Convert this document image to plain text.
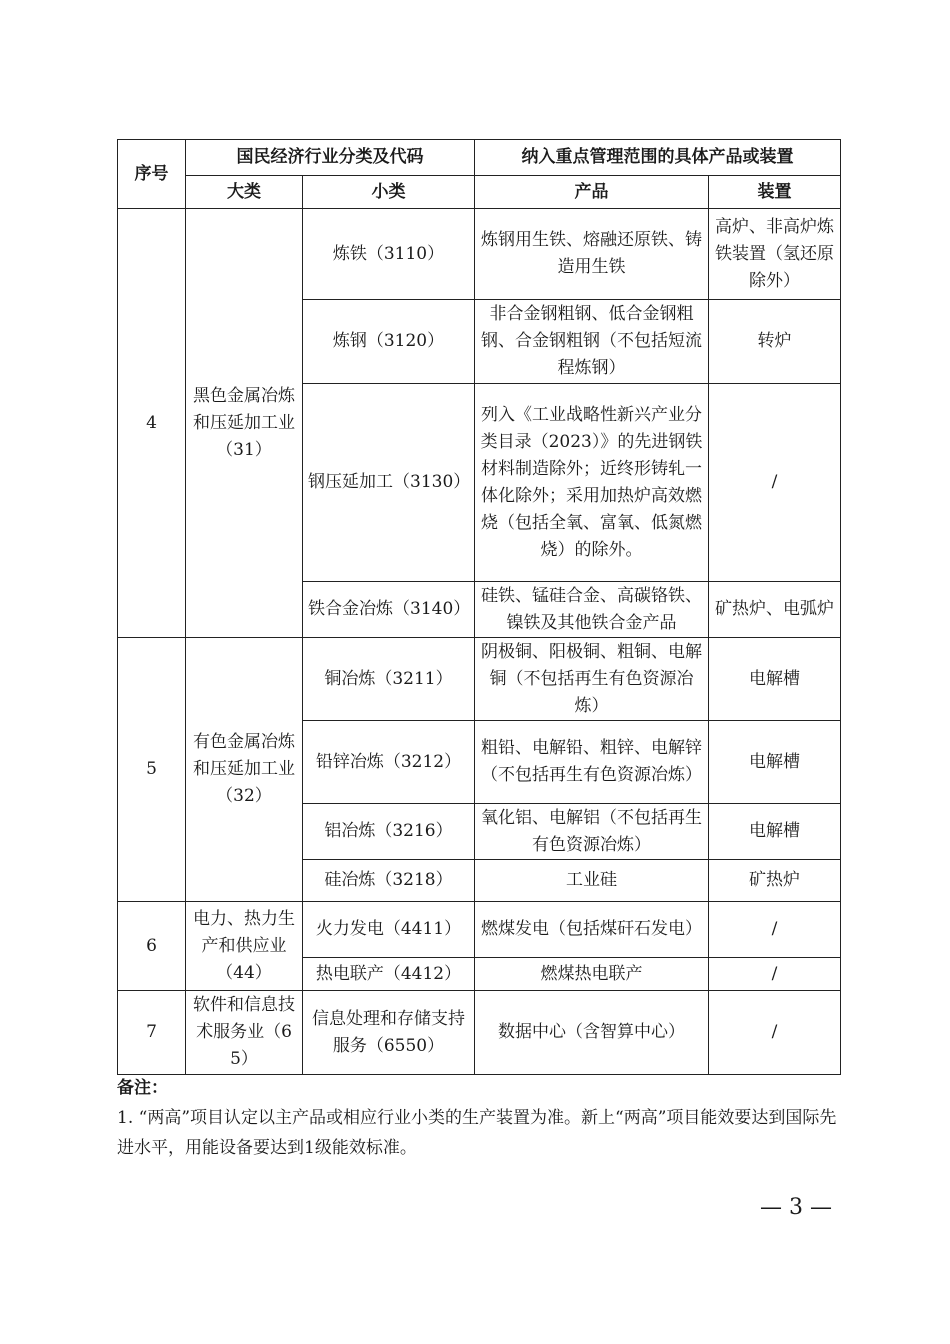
序号	国民经济行业分类及代码		纳入重点管理范围的具体产品或装置	
	大类	小类	产品	装置
4	黑色金属冶炼和压延加工业（31）	炼铁（3110）	炼钢用生铁、熔融还原铁、铸造用生铁	高炉、非高炉炼铁装置（氢还原除外）

		炼钢（3120）	非合金钢粗钢、低合金钢粗钢、合金钢粗钢（不包括短流程炼钢）	转炉

		钢压延加工（3130）	列入《工业战略性新兴产业分类目录（2023）》的先进钢铁材料制造除外；近终形铸轧一体化除外；采用加热炉高效燃烧（包括全氧、富氧、低氮燃烧）的除外。	/

		铁合金冶炼（3140）	硅铁、锰硅合金、高碳铬铁、镍铁及其他铁合金产品	矿热炉、电弧炉

5	有色金属冶炼和压延加工业（32）	铜冶炼（3211）	阴极铜、阳极铜、粗铜、电解铜（不包括再生有色资源冶炼）	电解槽

		铅锌冶炼（3212）	粗铅、电解铅、粗锌、电解锌（不包括再生有色资源冶炼）	电解槽

		铝冶炼（3216）	氧化铝、电解铝（不包括再生有色资源冶炼）	电解槽

		硅冶炼（3218）	工业硅	矿热炉

6	电力、热力生产和供应业（44）	火力发电（4411）	燃煤发电（包括煤矸石发电）	/

		热电联产（4412）	燃煤热电联产	/

7	软件和信息技术服务业（65）	信息处理和存储支持服务（6550）	数据中心（含智算中心）	/
备注：
1. “两高”项目认定以主产品或相应行业小类的生产装置为准。新上“两高”项目能效要达到国际先进水平，用能设备要达到1级能效标准。
— 3 —
